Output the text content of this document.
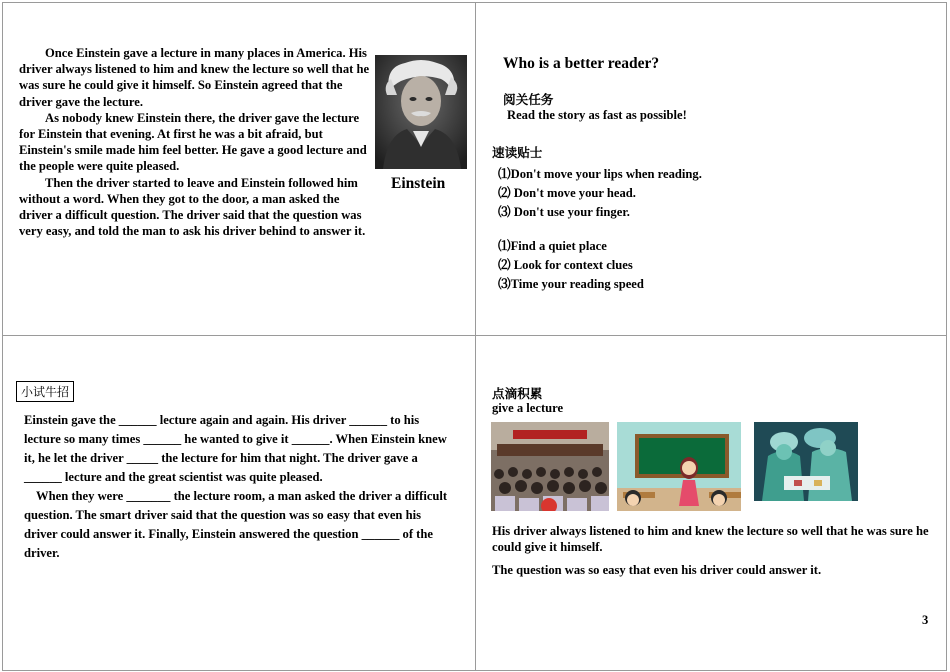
Once Einstein gave a lecture in many places in America. His driver always listened to him and knew the lecture so well that he was sure he could give it himself. So Einstein agreed that the driver gave the lecture.

As nobody knew Einstein there, the driver gave the lecture for Einstein that evening. At first he was a bit afraid, but Einstein's smile made him feel better. He gave a good lecture and the people were quite pleased.

Then the driver started to leave and Einstein followed him without a word. When they got to the door, a man asked the driver a difficult question. The driver said that the question was very easy, and told the man to ask his driver behind to answer it.

Einstein
Who is a better reader?
阅关任务
Read the story as fast as possible!
速读贴士
⑴Don't move your lips when reading.
⑵ Don't move your head.
⑶ Don't use your finger.
⑴Find a quiet place
⑵ Look for context clues
⑶Time your reading speed
小试牛招

Einstein gave the ______ lecture again and again. His driver ______ to his lecture so many times ______ he wanted to give it ______. When Einstein knew it, he let the driver _____ the lecture for him that night. The driver gave a ______ lecture and the great scientist was quite pleased.

When they were _______ the lecture room, a man asked the driver a difficult question. The smart driver said that the question was so easy that even his driver could answer it. Finally, Einstein answered the question ______ of the driver.

点滴积累
give a lecture
His driver always listened to him and knew the lecture so well that he was sure he could give it himself.
The question was so easy that even his driver could answer it.
3
